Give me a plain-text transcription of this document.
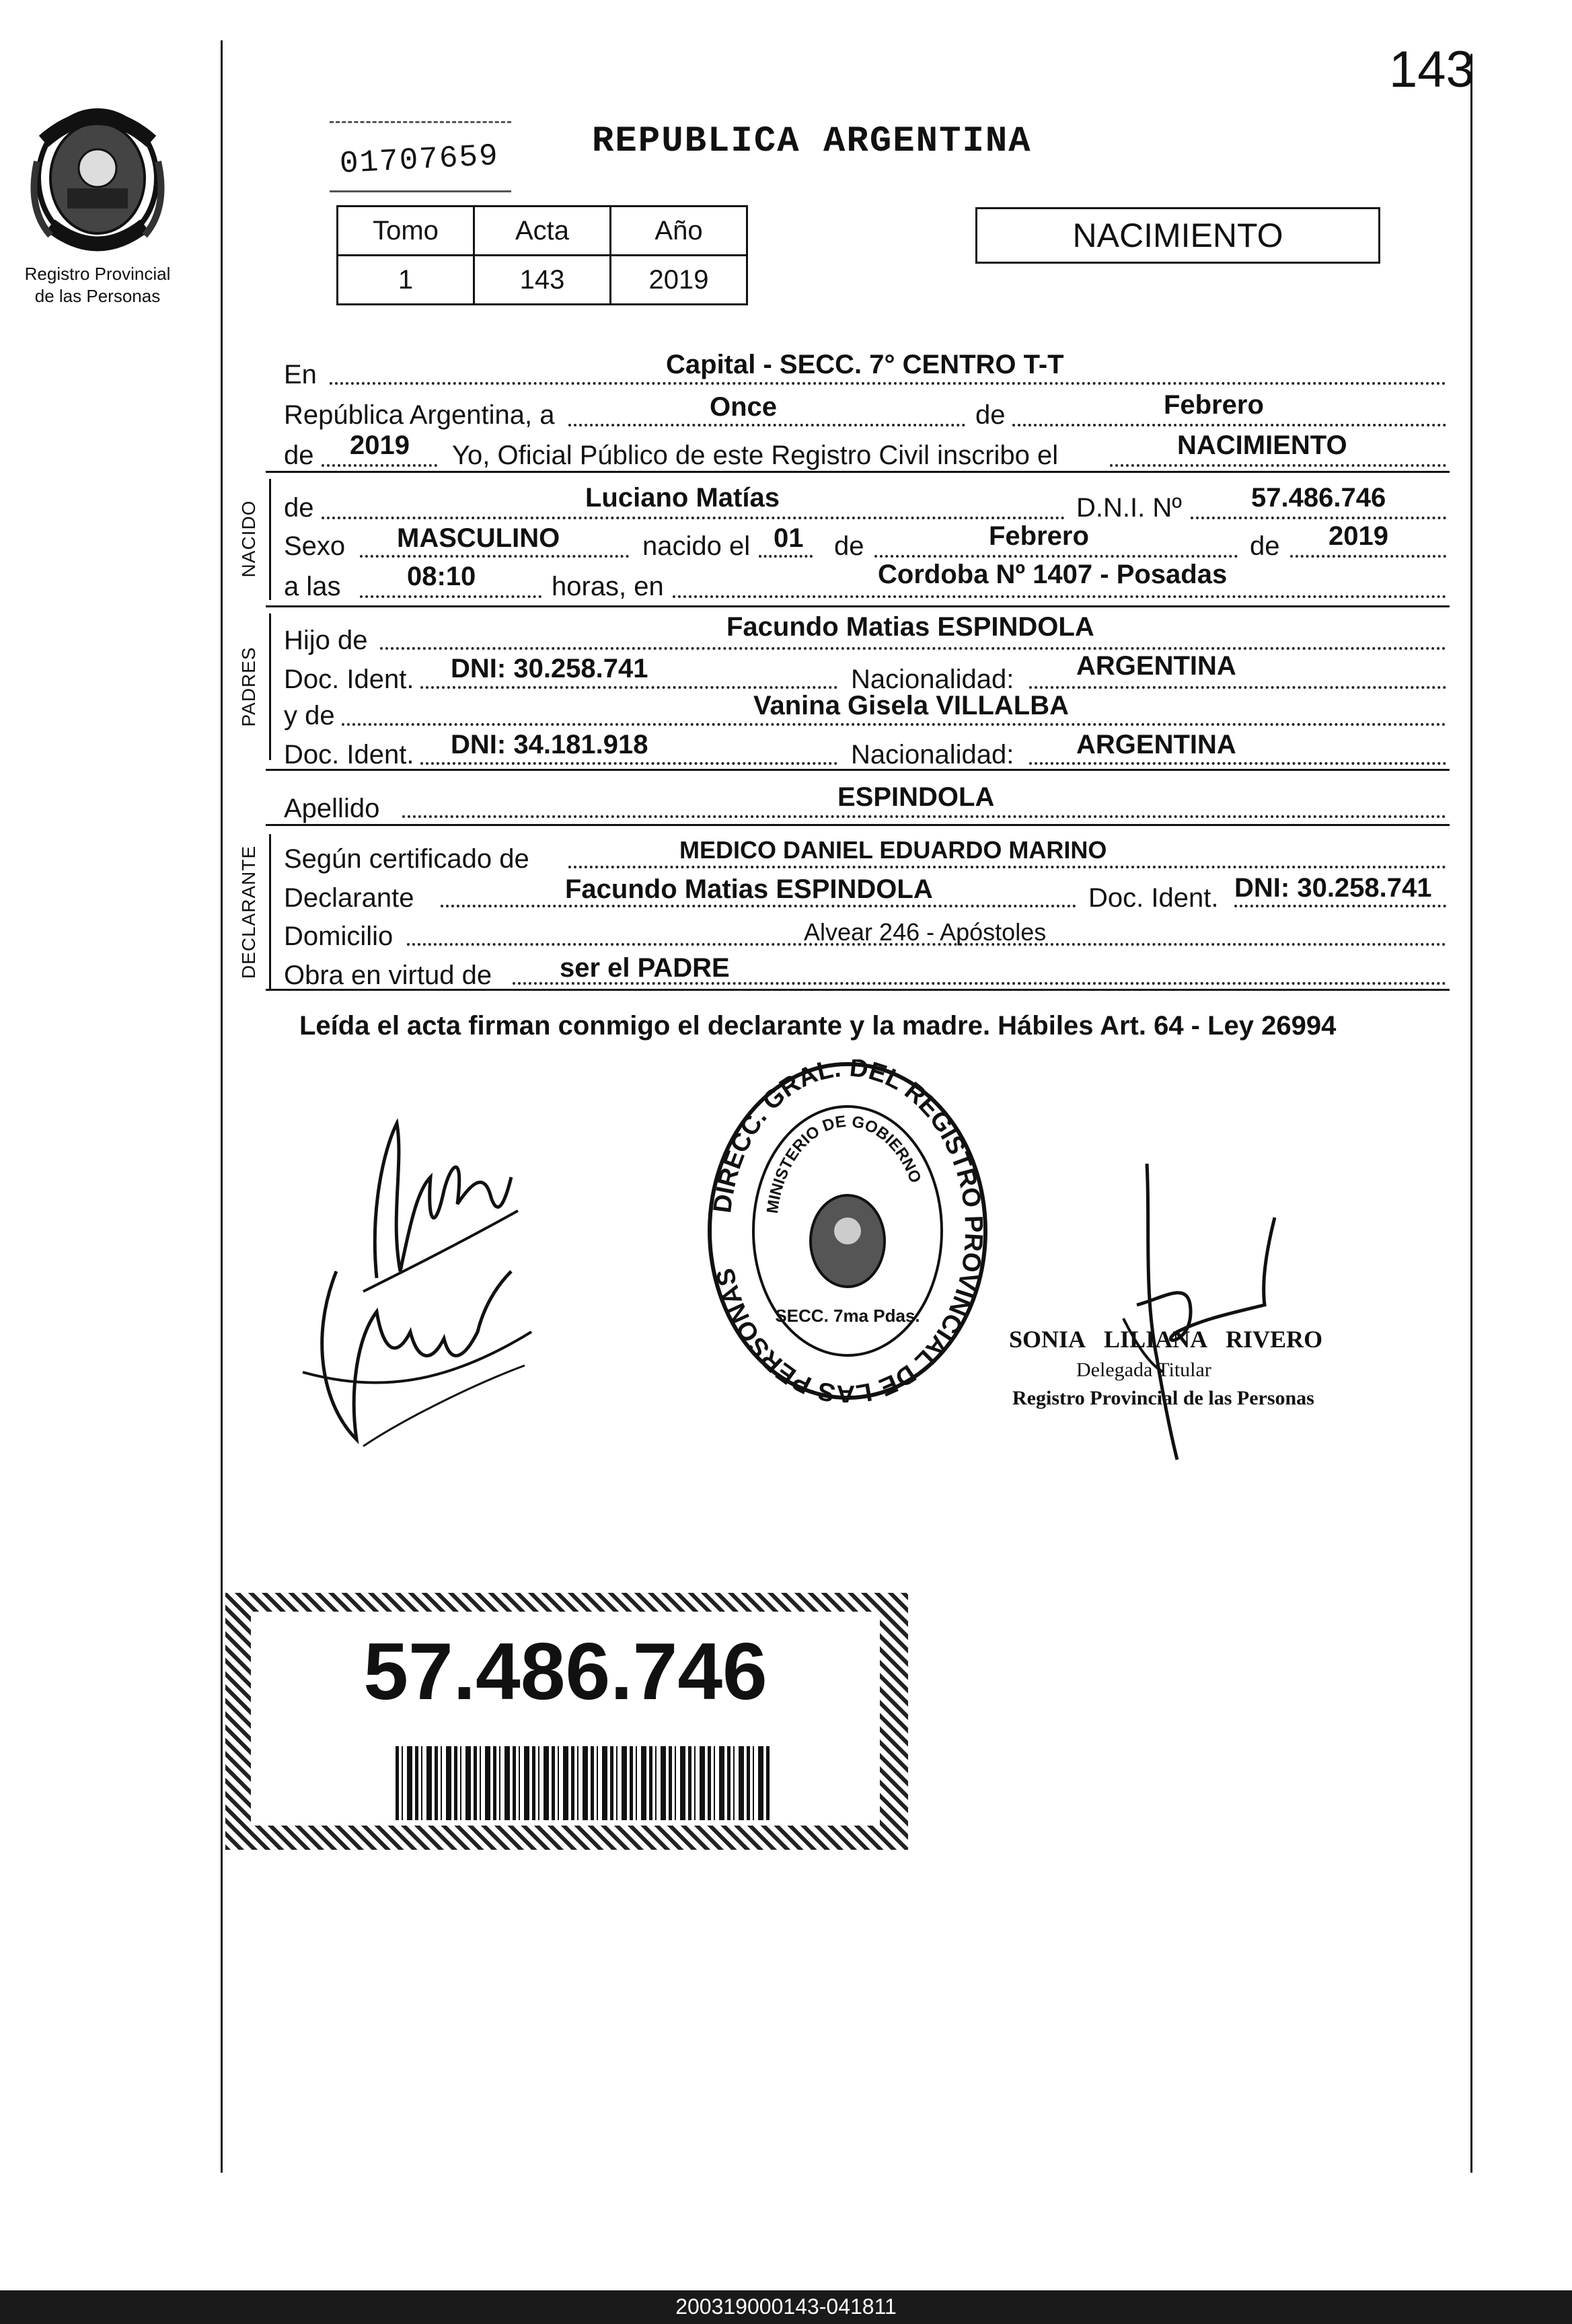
143
Registro Provincial
de las Personas
01707659	REPUBLICA ARGENTINA
Tomo	Acta	Año
1	143	2019
NACIMIENTO
En	Capital - SECC. 7° CENTRO T-T
República Argentina, a	Once	de	Febrero
de 2019 Yo, Oficial Público de este Registro Civil inscribo el	NACIMIENTO
NACIDO de	Luciano Matías	D.N.I. Nº	57.486.746
Sexo MASCULINO	nacido el 01 de	Febrero	de 2019
a las 08:10	horas, en	Cordoba Nº 1407 - Posadas
PADRES
Hijo de	Facundo Matias ESPINDOLA
Doc. Ident. DNI: 30.258.741	Nacionalidad: ARGENTINA
y de	Vanina Gisela VILLALBA
Doc. Ident. DNI: 34.181.918	Nacionalidad: ARGENTINA
Apellido	ESPINDOLA
DECLARANTE Según certificado de	MEDICO DANIEL EDUARDO MARINO
Declarante	Facundo Matias ESPINDOLA	Doc. Ident. DNI: 30.258.741
Domicilio	Alvear 246 - Apóstoles
Obra en virtud de	ser el PADRE
Leída el acta firman conmigo el declarante y la madre. Hábiles Art. 64 - Ley 26994
DIRECC. GRAL. DEL REGISTRO PROVINCIAL DE LAS PERSONAS
MINISTERIO DE GOBIERNO
SECC. 7ma Pdas.
SONIA LILIANA RIVERO
Delegada Titular
Registro Provincial de las Personas
57.486.746
200319000143-041811
